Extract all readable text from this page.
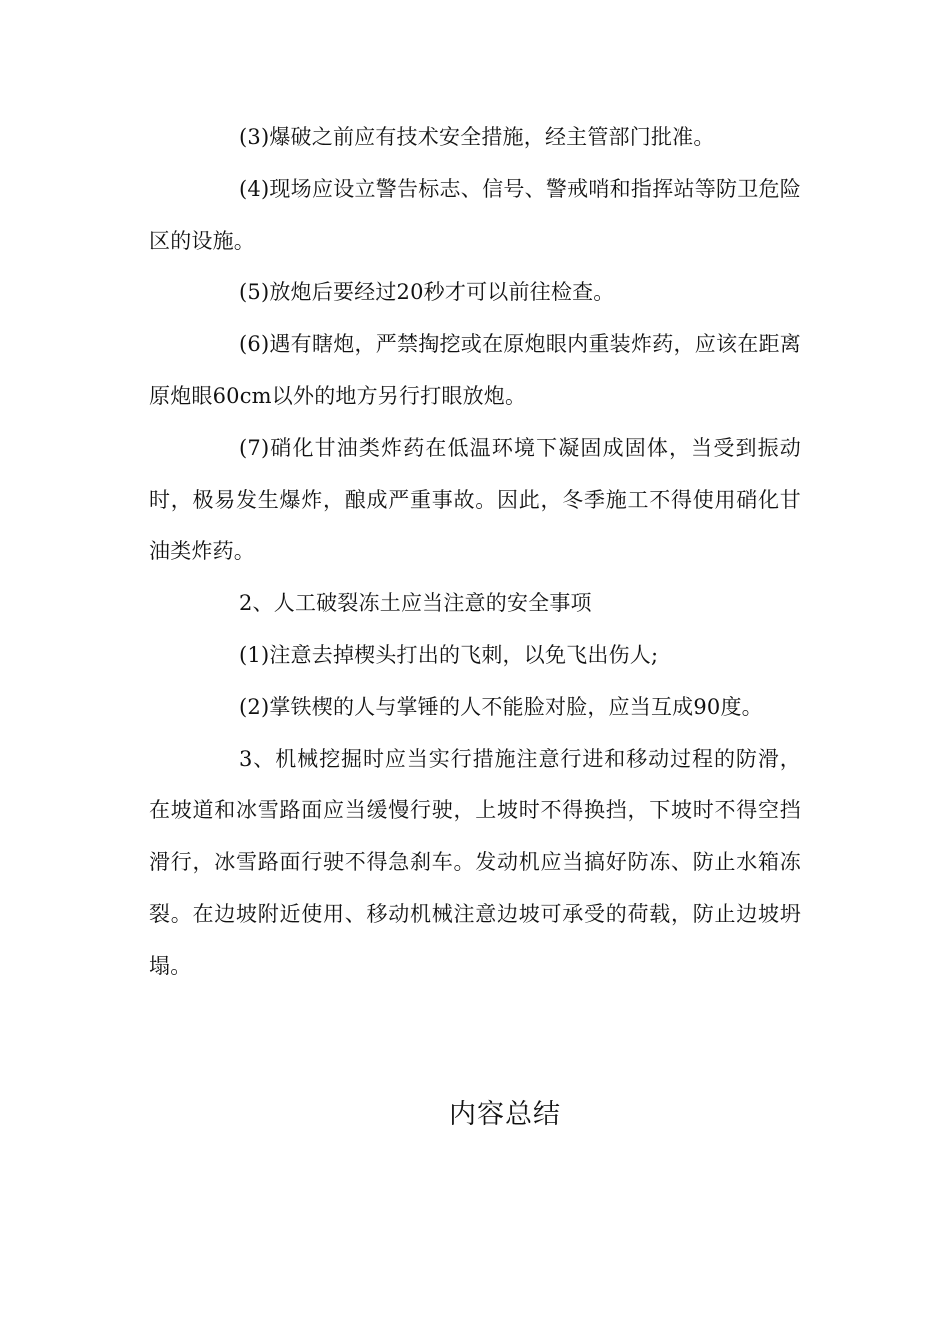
(3)爆破之前应有技术安全措施，经主管部门批准。

(4)现场应设立警告标志、信号、警戒哨和指挥站等防卫危险区的设施。

(5)放炮后要经过20秒才可以前往检查。

(6)遇有瞎炮，严禁掏挖或在原炮眼内重装炸药，应该在距离原炮眼60cm以外的地方另行打眼放炮。

(7)硝化甘油类炸药在低温环境下凝固成固体，当受到振动时，极易发生爆炸，酿成严重事故。因此，冬季施工不得使用硝化甘油类炸药。

2、人工破裂冻土应当注意的安全事项

(1)注意去掉楔头打出的飞刺，以免飞出伤人;

(2)掌铁楔的人与掌锤的人不能脸对脸，应当互成90度。

3、机械挖掘时应当实行措施注意行进和移动过程的防滑，在坡道和冰雪路面应当缓慢行驶，上坡时不得换挡，下坡时不得空挡滑行，冰雪路面行驶不得急刹车。发动机应当搞好防冻、防止水箱冻裂。在边坡附近使用、移动机械注意边坡可承受的荷载，防止边坡坍塌。

内容总结
